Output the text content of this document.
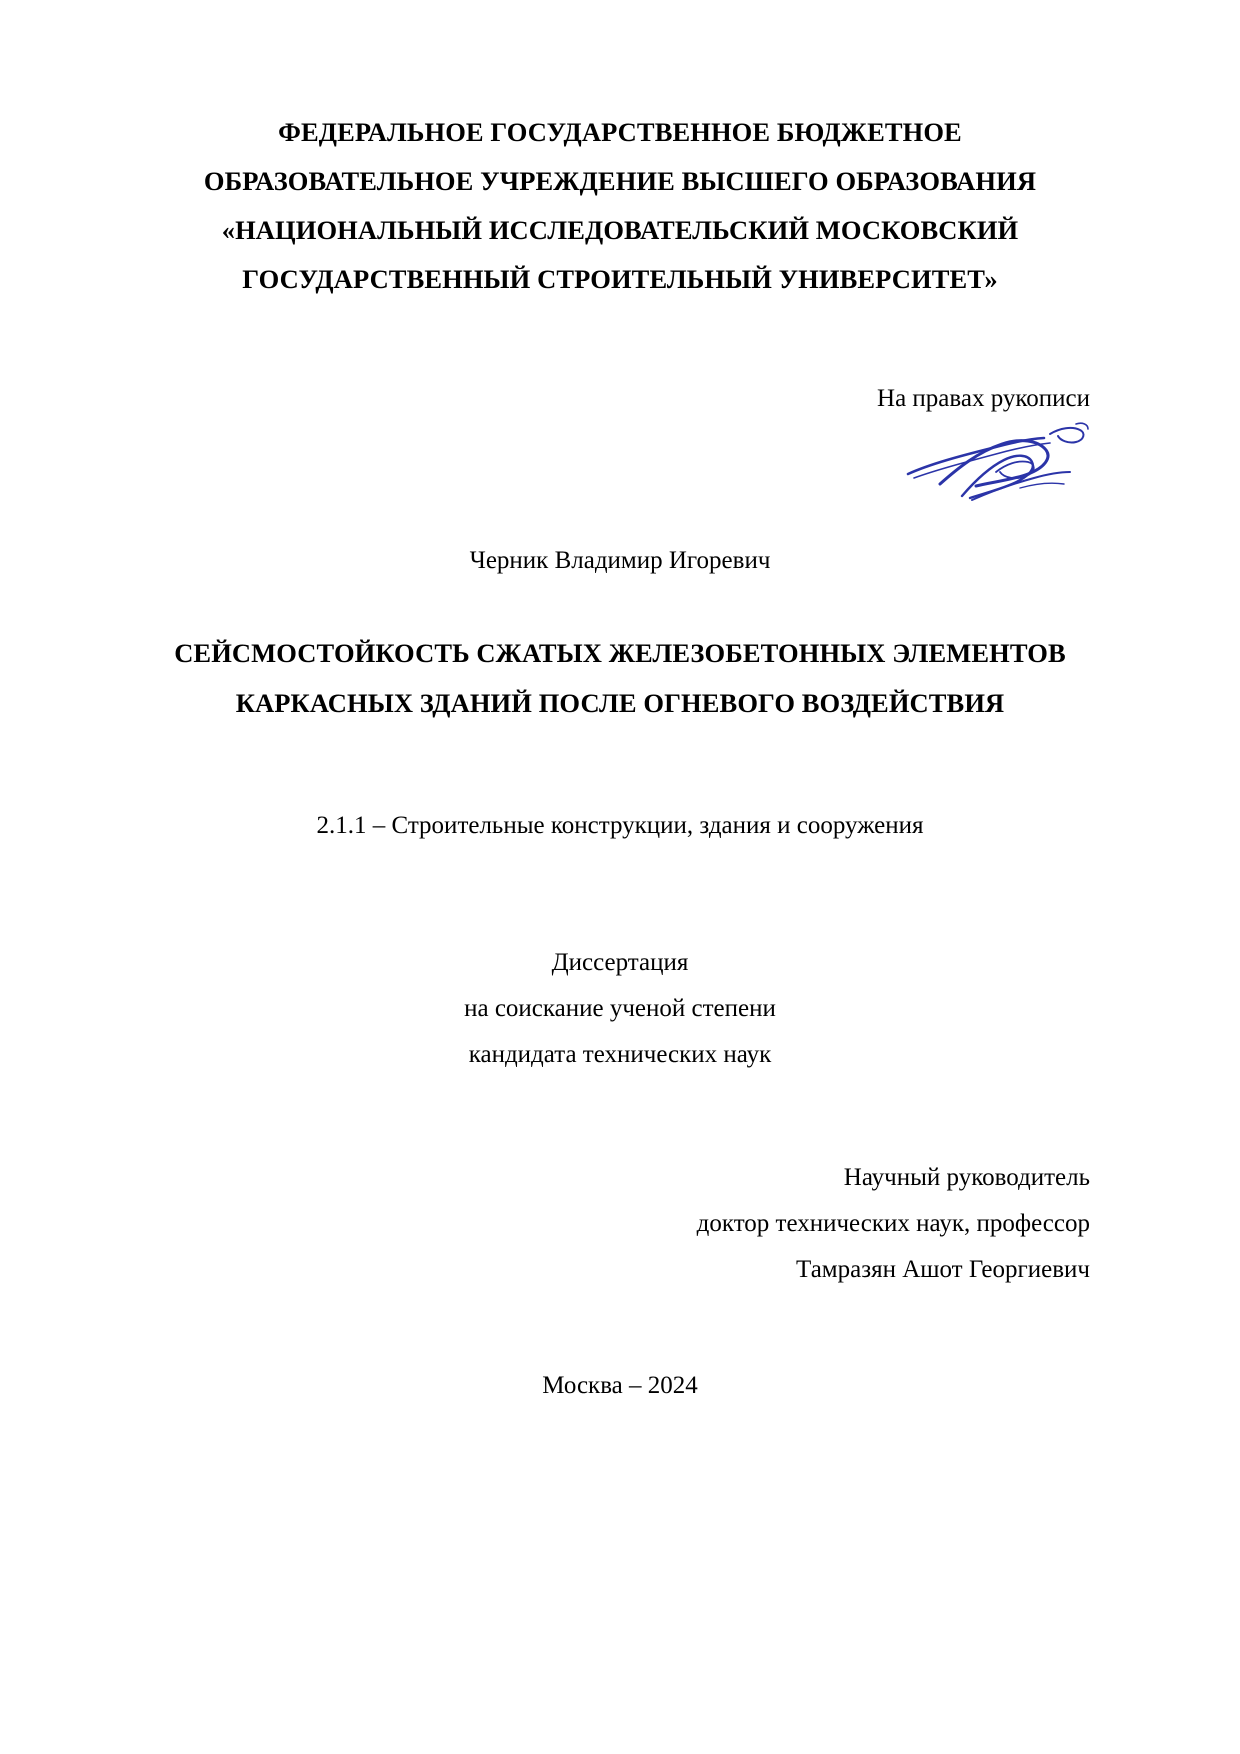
ФЕДЕРАЛЬНОЕ ГОСУДАРСТВЕННОЕ БЮДЖЕТНОЕ
ОБРАЗОВАТЕЛЬНОЕ УЧРЕЖДЕНИЕ ВЫСШЕГО ОБРАЗОВАНИЯ
«НАЦИОНАЛЬНЫЙ ИССЛЕДОВАТЕЛЬСКИЙ МОСКОВСКИЙ
ГОСУДАРСТВЕННЫЙ СТРОИТЕЛЬНЫЙ УНИВЕРСИТЕТ»
На правах рукописи
Черник Владимир Игоревич
СЕЙСМОСТОЙКОСТЬ СЖАТЫХ ЖЕЛЕЗОБЕТОННЫХ ЭЛЕМЕНТОВ
КАРКАСНЫХ ЗДАНИЙ ПОСЛЕ ОГНЕВОГО ВОЗДЕЙСТВИЯ
2.1.1 – Строительные конструкции, здания и сооружения
Диссертация
на соискание ученой степени
кандидата технических наук
Научный руководитель
доктор технических наук, профессор
Тамразян Ашот Георгиевич
Москва – 2024
